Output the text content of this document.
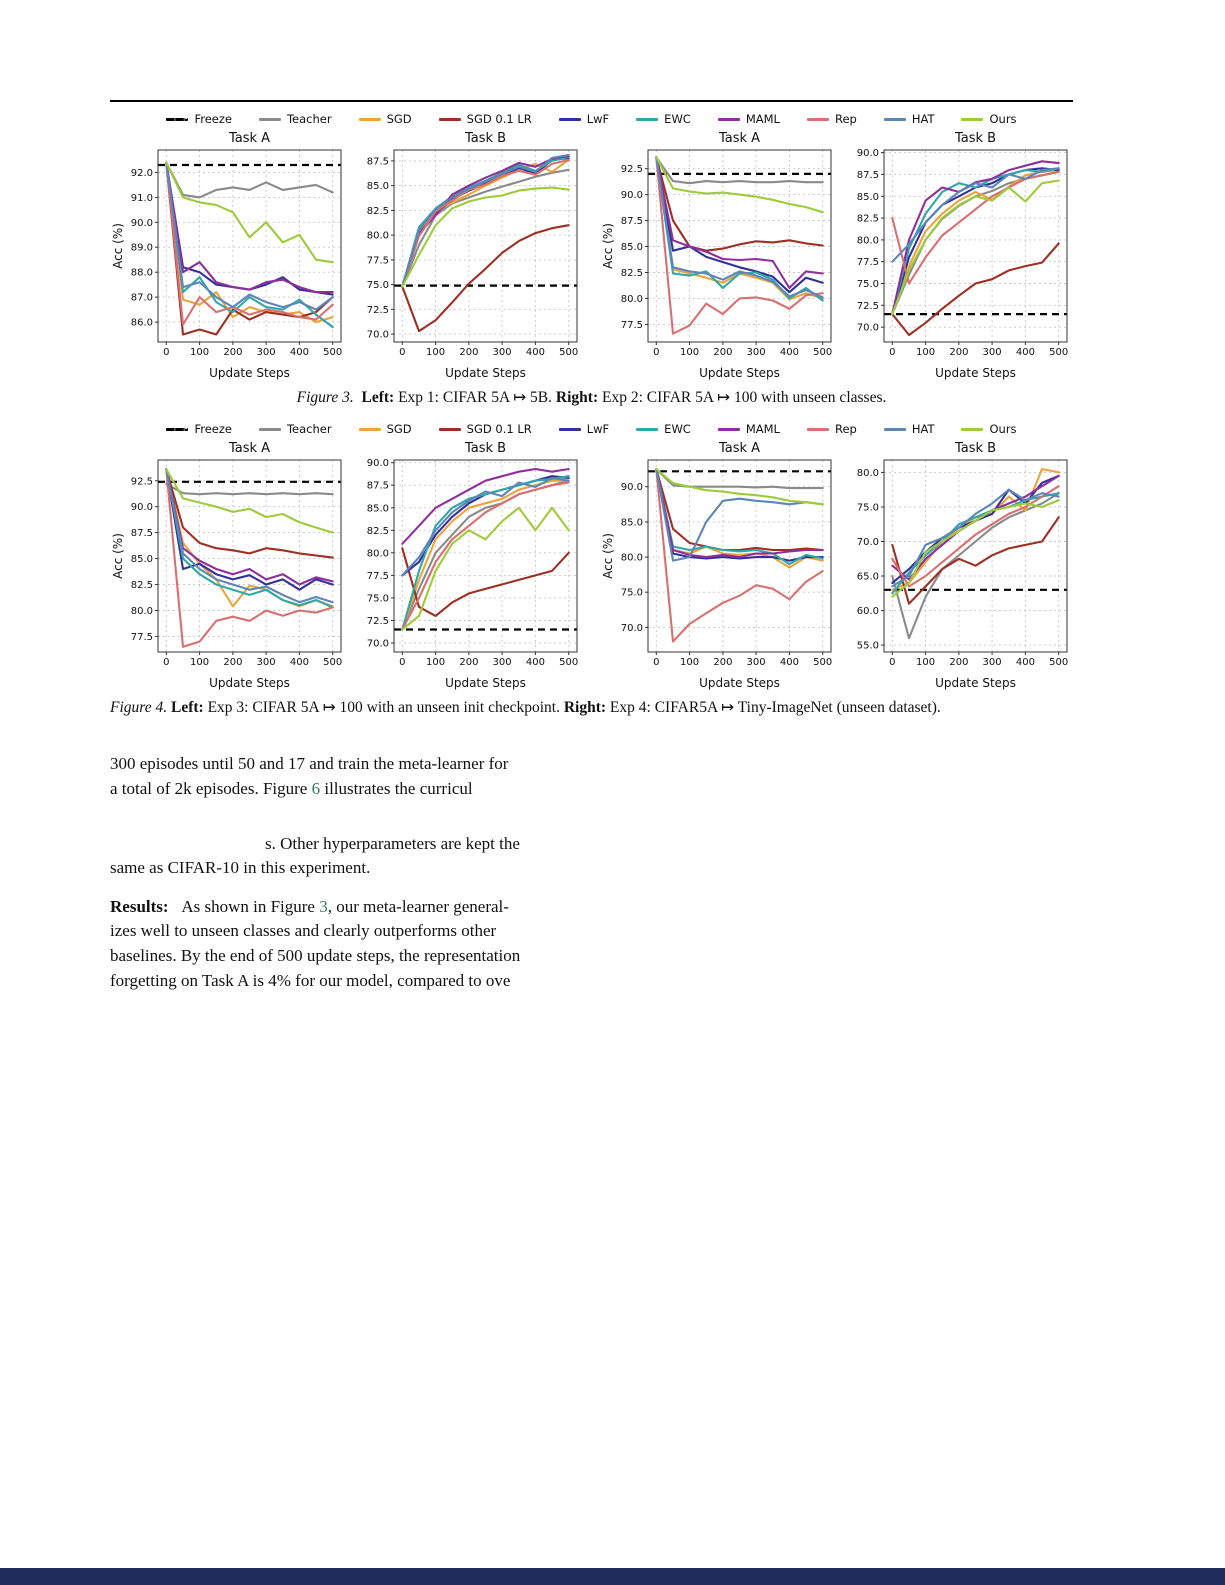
Freeze	Teacher	SGD	SGD 0.1 LR	LwF	EWC	MAML	Rep	HAT	Ours
Task A
86.0
87.0
88.0
89.0
90.0
91.0
92.0
0 100 200 300 400 500
Update Steps
Acc (%)
Task B
70.0
72.5
75.0
77.5
80.0
82.5
85.0
87.5
0 100 200 300 400 500
Update Steps
Task A
77.5
80.0
82.5
85.0
87.5
90.0
92.5
0 100 200 300 400 500
Update Steps
Acc (%)
Task B
70.0
72.5
75.0
77.5
80.0
82.5
85.0
87.5
90.0
0 100 200 300 400 500
Update Steps

Figure 3. Left: Exp 1: CIFAR 5A ↦ 5B. Right: Exp 2: CIFAR 5A ↦ 100 with unseen classes.

Freeze	Teacher	SGD	SGD 0.1 LR	LwF	EWC	MAML	Rep	HAT	Ours
Task A
77.5
80.0
82.5
85.0
87.5
90.0
92.5
0 100 200 300 400 500
Update Steps
Acc (%)
Task B
70.0
72.5
75.0
77.5
80.0
82.5
85.0
87.5
90.0
0 100 200 300 400 500
Update Steps
Task A
70.0
75.0
80.0
85.0
90.0
0 100 200 300 400 500
Update Steps
Acc (%)
Task B
55.0
60.0
65.0
70.0
75.0
80.0
0 100 200 300 400 500
Update Steps

Figure 4. Left: Exp 3: CIFAR 5A ↦ 100 with an unseen init checkpoint. Right: Exp 4: CIFAR5A ↦ Tiny-ImageNet (unseen dataset).

300 episodes until 50 and 17 and train the meta-learner for
a total of 2k episodes. Figure 6 illustrates the curricul
s. Other hyperparameters are kept the
same as CIFAR-10 in this experiment.
Results:   As shown in Figure 3, our meta-learner general-
izes well to unseen classes and clearly outperforms other
baselines. By the end of 500 update steps, the representation
forgetting on Task A is 4% for our model, compared to ove
